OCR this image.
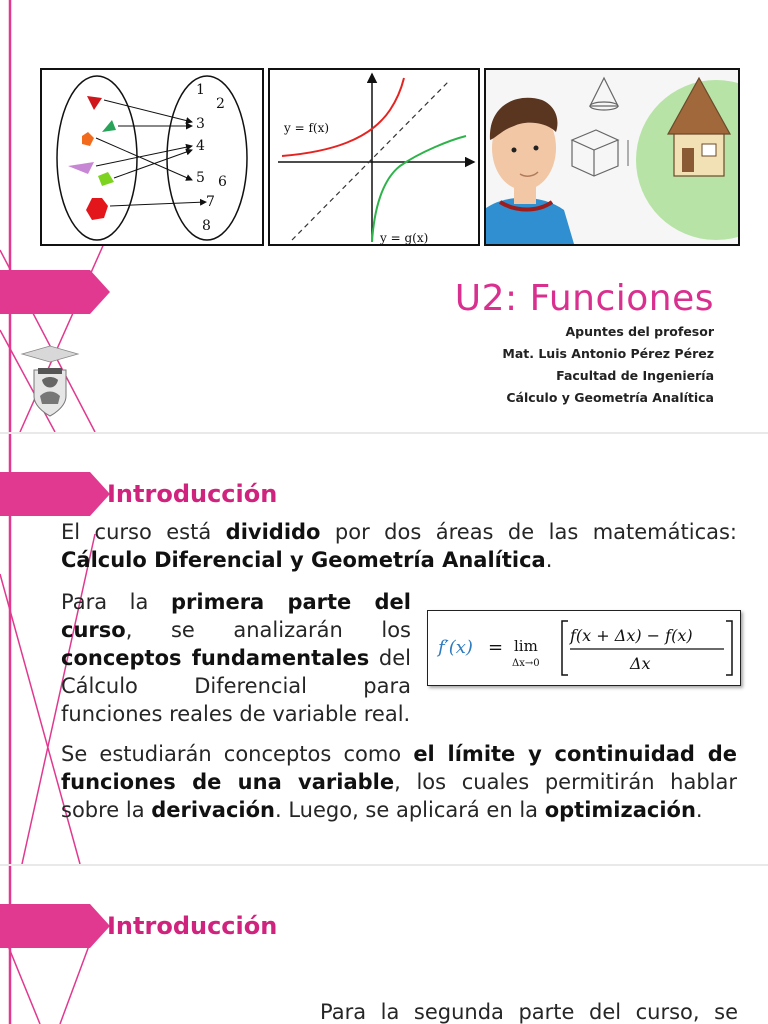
1
2
3
4
5 6
7
8
y = f(x)
y = g(x)
U2: Funciones
Apuntes del profesor
Mat. Luis Antonio Pérez Pérez
Facultad de Ingeniería
Cálculo y Geometría Analítica
Introducción
El curso está dividido por dos áreas de las matemáticas: Cálculo Diferencial y Geometría Analítica.
Para la primera parte del curso, se analizarán los conceptos fundamentales del Cálculo Diferencial para funciones reales de variable real.
f′(x) = lim
Δx→0
f(x + Δx) − f(x)
Δx
Se estudiarán conceptos como el límite y continuidad de funciones de una variable, los cuales permitirán hablar sobre la derivación. Luego, se aplicará en la optimización.
Introducción
Para la segunda parte del curso, se
